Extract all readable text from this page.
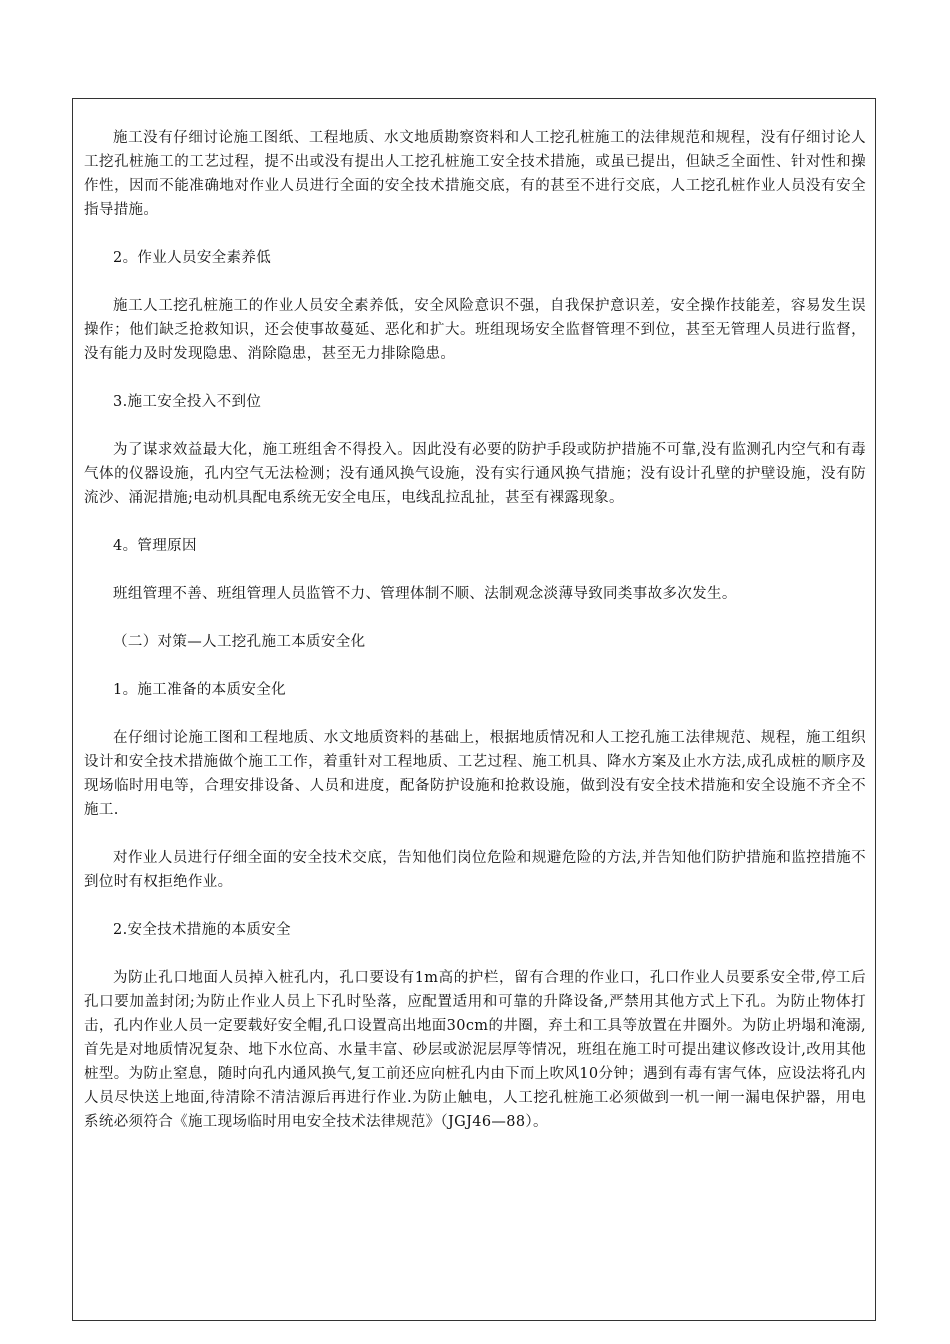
施工没有仔细讨论施工图纸、工程地质、水文地质勘察资料和人工挖孔桩施工的法律规范和规程，没有仔细讨论人工挖孔桩施工的工艺过程，提不出或没有提出人工挖孔桩施工安全技术措施，或虽已提出，但缺乏全面性、针对性和操作性，因而不能准确地对作业人员进行全面的安全技术措施交底，有的甚至不进行交底，人工挖孔桩作业人员没有安全指导措施。

2。作业人员安全素养低

施工人工挖孔桩施工的作业人员安全素养低，安全风险意识不强，自我保护意识差，安全操作技能差，容易发生误操作；他们缺乏抢救知识，还会使事故蔓延、恶化和扩大。班组现场安全监督管理不到位，甚至无管理人员进行监督，没有能力及时发现隐患、消除隐患，甚至无力排除隐患。

3.施工安全投入不到位

为了谋求效益最大化，施工班组舍不得投入。因此没有必要的防护手段或防护措施不可靠,没有监测孔内空气和有毒气体的仪器设施，孔内空气无法检测；没有通风换气设施，没有实行通风换气措施；没有设计孔壁的护壁设施，没有防流沙、涌泥措施;电动机具配电系统无安全电压，电线乱拉乱扯，甚至有裸露现象。

4。管理原因

班组管理不善、班组管理人员监管不力、管理体制不顺、法制观念淡薄导致同类事故多次发生。

（二）对策—人工挖孔施工本质安全化

1。施工准备的本质安全化

在仔细讨论施工图和工程地质、水文地质资料的基础上，根据地质情况和人工挖孔施工法律规范、规程，施工组织设计和安全技术措施做个施工工作，着重针对工程地质、工艺过程、施工机具、降水方案及止水方法,成孔成桩的顺序及现场临时用电等，合理安排设备、人员和进度，配备防护设施和抢救设施，做到没有安全技术措施和安全设施不齐全不施工.

对作业人员进行仔细全面的安全技术交底，告知他们岗位危险和规避危险的方法,并告知他们防护措施和监控措施不到位时有权拒绝作业。

2.安全技术措施的本质安全

为防止孔口地面人员掉入桩孔内，孔口要设有1m高的护栏，留有合理的作业口，孔口作业人员要系安全带,停工后孔口要加盖封闭;为防止作业人员上下孔时坠落，应配置适用和可靠的升降设备,严禁用其他方式上下孔。为防止物体打击，孔内作业人员一定要载好安全帽,孔口设置高出地面30cm的井圈，弃土和工具等放置在井圈外。为防止坍塌和淹溺,首先是对地质情况复杂、地下水位高、水量丰富、砂层或淤泥层厚等情况，班组在施工时可提出建议修改设计,改用其他桩型。为防止窒息，随时向孔内通风换气,复工前还应向桩孔内由下而上吹风10分钟；遇到有毒有害气体，应设法将孔内人员尽快送上地面,待清除不清洁源后再进行作业.为防止触电，人工挖孔桩施工必须做到一机一闸一漏电保护器，用电系统必须符合《施工现场临时用电安全技术法律规范》（JGJ46—88）。
